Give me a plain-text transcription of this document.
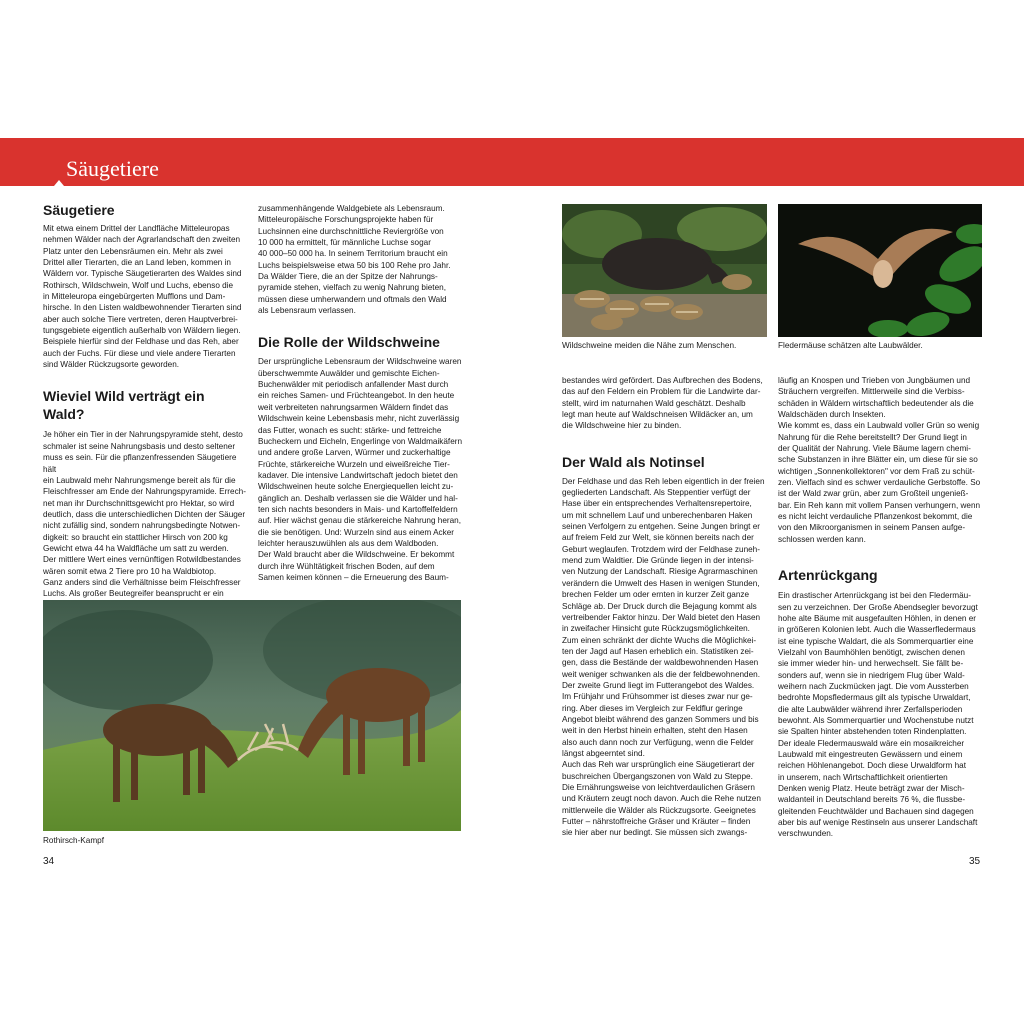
Säugetiere
Säugetiere

Mit etwa einem Drittel der Landfläche Mitteleuropas

nehmen Wälder nach der Agrarlandschaft den zweiten

Platz unter den Lebensräumen ein. Mehr als zwei

Drittel aller Tierarten, die an Land leben, kommen in

Wäldern vor. Typische Säugetierarten des Waldes sind

Rothirsch, Wildschwein, Wolf und Luchs, ebenso die

in Mitteleuropa eingebürgerten Mufflons und Dam-

hirsche. In den Listen waldbewohnender Tierarten sind

aber auch solche Tiere vertreten, deren Hauptverbrei-

tungsgebiete eigentlich außerhalb von Wäldern liegen.

Beispiele hierfür sind der Feldhase und das Reh, aber

auch der Fuchs. Für diese und viele andere Tierarten

sind Wälder Rückzugsorte geworden.

Wieviel Wild verträgt ein Wald?

Je höher ein Tier in der Nahrungspyramide steht, desto

schmaler ist seine Nahrungsbasis und desto seltener

muss es sein. Für die pflanzenfressenden Säugetiere hält

ein Laubwald mehr Nahrungsmenge bereit als für die

Fleischfresser am Ende der Nahrungspyramide. Errech-

net man ihr Durchschnittsgewicht pro Hektar, so wird

deutlich, dass die unterschiedlichen Dichten der Säuger

nicht zufällig sind, sondern nahrungsbedingte Notwen-

digkeit: so braucht ein stattlicher Hirsch von 200 kg

Gewicht etwa 44 ha Waldfläche um satt zu werden.

Der mittlere Wert eines vernünftigen Rotwildbestandes

wären somit etwa 2 Tiere pro 10 ha Waldbiotop.

Ganz anders sind die Verhältnisse beim Fleischfresser

Luchs. Als großer Beutegreifer beansprucht er ein

zusammenhängende Waldgebiete als Lebensraum.

Mitteleuropäische Forschungsprojekte haben für

Luchsinnen eine durchschnittliche Reviergröße von

10 000 ha ermittelt, für männliche Luchse sogar

40 000–50 000 ha. In seinem Territorium braucht ein

Luchs beispielsweise etwa 50 bis 100 Rehe pro Jahr.

Da Wälder Tiere, die an der Spitze der Nahrungs-

pyramide stehen, vielfach zu wenig Nahrung bieten,

müssen diese umherwandern und oftmals den Wald

als Lebensraum verlassen.

Die Rolle der Wildschweine

Der ursprüngliche Lebensraum der Wildschweine waren

überschwemmte Auwälder und gemischte Eichen-

Buchenwälder mit periodisch anfallender Mast durch

ein reiches Samen- und Früchteangebot. In den heute

weit verbreiteten nahrungsarmen Wäldern findet das

Wildschwein keine Lebensbasis mehr, nicht zuverlässig

das Futter, wonach es sucht: stärke- und fettreiche

Bucheckern und Eicheln, Engerlinge von Waldmaikäfern

und andere große Larven, Würmer und zuckerhaltige

Früchte, stärkereiche Wurzeln und eiweißreiche Tier-

kadaver. Die intensive Landwirtschaft jedoch bietet den

Wildschweinen heute solche Energiequellen leicht zu-

gänglich an. Deshalb verlassen sie die Wälder und hal-

ten sich nachts besonders in Mais- und Kartoffelfeldern

auf. Hier wächst genau die stärkereiche Nahrung heran,

die sie benötigen. Und: Wurzeln sind aus einem Acker

leichter herauszuwühlen als aus dem Waldboden.

Der Wald braucht aber die Wildschweine. Er bekommt

durch ihre Wühltätigkeit frischen Boden, auf dem

Samen keimen können – die Erneuerung des Baum-

Rothirsch-Kampf
34
Wildschweine meiden die Nähe zum Menschen.	Fledermäuse schätzen alte Laubwälder.

bestandes wird gefördert. Das Aufbrechen des Bodens,

das auf den Feldern ein Problem für die Landwirte dar-

stellt, wird im naturnahen Wald geschätzt. Deshalb

legt man heute auf Waldschneisen Wildäcker an, um

die Wildschweine hier zu binden.

Der Wald als Notinsel

Der Feldhase und das Reh leben eigentlich in der freien

gegliederten Landschaft. Als Steppentier verfügt der

Hase über ein entsprechendes Verhaltensrepertoire,

um mit schnellem Lauf und unberechenbaren Haken

seinen Verfolgern zu entgehen. Seine Jungen bringt er

auf freiem Feld zur Welt, sie können bereits nach der

Geburt weglaufen. Trotzdem wird der Feldhase zuneh-

mend zum Waldtier. Die Gründe liegen in der intensi-

ven Nutzung der Landschaft. Riesige Agrarmaschinen

verändern die Umwelt des Hasen in wenigen Stunden,

brechen Felder um oder ernten in kurzer Zeit ganze

Schläge ab. Der Druck durch die Bejagung kommt als

vertreibender Faktor hinzu. Der Wald bietet den Hasen

in zweifacher Hinsicht gute Rückzugsmöglichkeiten.

Zum einen schränkt der dichte Wuchs die Möglichkei-

ten der Jagd auf Hasen erheblich ein. Statistiken zei-

gen, dass die Bestände der waldbewohnenden Hasen

weit weniger schwanken als die der feldbewohnenden.

Der zweite Grund liegt im Futterangebot des Waldes.

Im Frühjahr und Frühsommer ist dieses zwar nur ge-

ring. Aber dieses im Vergleich zur Feldflur geringe

Angebot bleibt während des ganzen Sommers und bis

weit in den Herbst hinein erhalten, steht den Hasen

also auch dann noch zur Verfügung, wenn die Felder

längst abgeerntet sind.

Auch das Reh war ursprünglich eine Säugetierart der

buschreichen Übergangszonen von Wald zu Steppe.

Die Ernährungsweise von leichtverdaulichen Gräsern

und Kräutern zeugt noch davon. Auch die Rehe nutzen

mittlerweile die Wälder als Rückzugsorte. Geeignetes

Futter – nährstoffreiche Gräser und Kräuter – finden

sie hier aber nur bedingt. Sie müssen sich zwangs-

läufig an Knospen und Trieben von Jungbäumen und

Sträuchern vergreifen. Mittlerweile sind die Verbiss-

schäden in Wäldern wirtschaftlich bedeutender als die

Waldschäden durch Insekten.

Wie kommt es, dass ein Laubwald voller Grün so wenig

Nahrung für die Rehe bereitstellt? Der Grund liegt in

der Qualität der Nahrung. Viele Bäume lagern chemi-

sche Substanzen in ihre Blätter ein, um diese für sie so

wichtigen „Sonnenkollektoren" vor dem Fraß zu schüt-

zen. Vielfach sind es schwer verdauliche Gerbstoffe. So

ist der Wald zwar grün, aber zum Großteil ungenieß-

bar. Ein Reh kann mit vollem Pansen verhungern, wenn

es nicht leicht verdauliche Pflanzenkost bekommt, die

von den Mikroorganismen in seinem Pansen aufge-

schlossen werden kann.

Artenrückgang

Ein drastischer Artenrückgang ist bei den Fledermäu-

sen zu verzeichnen. Der Große Abendsegler bevorzugt

hohe alte Bäume mit ausgefaulten Höhlen, in denen er

in größeren Kolonien lebt. Auch die Wasserfledermaus

ist eine typische Waldart, die als Sommerquartier eine

Vielzahl von Baumhöhlen benötigt, zwischen denen

sie immer wieder hin- und herwechselt. Sie fällt be-

sonders auf, wenn sie in niedrigem Flug über Wald-

weihern nach Zuckmücken jagt. Die vom Aussterben

bedrohte Mopsfledermaus gilt als typische Urwaldart,

die alte Laubwälder während ihrer Zerfallsperioden

bewohnt. Als Sommerquartier und Wochenstube nutzt

sie Spalten hinter abstehenden toten Rindenplatten.

Der ideale Fledermauswald wäre ein mosaikreicher

Laubwald mit eingestreuten Gewässern und einem

reichen Höhlenangebot. Doch diese Urwaldform hat

in unserem, nach Wirtschaftlichkeit orientierten

Denken wenig Platz. Heute beträgt zwar der Misch-

waldanteil in Deutschland bereits 76 %, die flussbe-

gleitenden Feuchtwälder und Bachauen sind dagegen

aber bis auf wenige Restinseln aus unserer Landschaft

verschwunden.

35
